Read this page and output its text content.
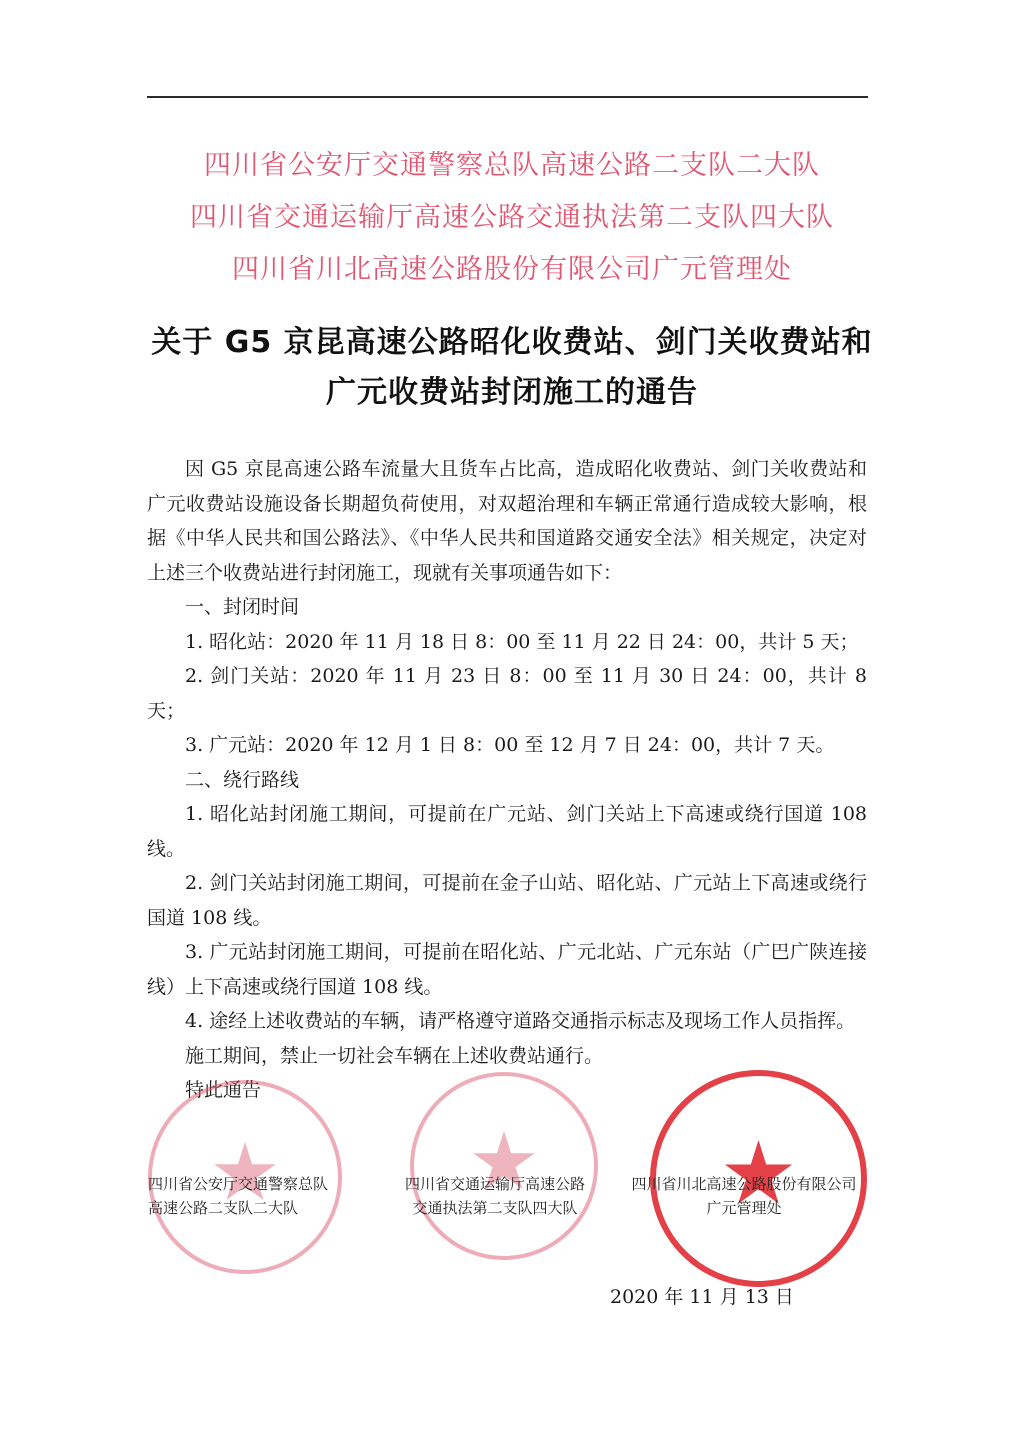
四川省公安厅交通警察总队高速公路二支队二大队
四川省交通运输厅高速公路交通执法第二支队四大队
四川省川北高速公路股份有限公司广元管理处
关于 G5 京昆高速公路昭化收费站、剑门关收费站和
广元收费站封闭施工的通告

因 G5 京昆高速公路车流量大且货车占比高，造成昭化收费站、剑门关收费站和广元收费站设施设备长期超负荷使用，对双超治理和车辆正常通行造成较大影响，根据《中华人民共和国公路法》、《中华人民共和国道路交通安全法》相关规定，决定对上述三个收费站进行封闭施工，现就有关事项通告如下：

一、封闭时间

1. 昭化站：2020 年 11 月 18 日 8：00 至 11 月 22 日 24：00，共计 5 天；

2. 剑门关站：2020 年 11 月 23 日 8：00 至 11 月 30 日 24：00，共计 8 天；

3. 广元站：2020 年 12 月 1 日 8：00 至 12 月 7 日 24：00，共计 7 天。

二、绕行路线

1. 昭化站封闭施工期间，可提前在广元站、剑门关站上下高速或绕行国道 108 线。

2. 剑门关站封闭施工期间，可提前在金子山站、昭化站、广元站上下高速或绕行国道 108 线。

3. 广元站封闭施工期间，可提前在昭化站、广元北站、广元东站（广巴广陕连接线）上下高速或绕行国道 108 线。

4. 途经上述收费站的车辆，请严格遵守道路交通指示标志及现场工作人员指挥。

施工期间，禁止一切社会车辆在上述收费站通行。

特此通告

四川省公安厅交通警察总队
高速公路二支队二大队
四川省交通运输厅高速公路
交通执法第二支队四大队
四川省川北高速公路股份有限公司
广元管理处
2020 年 11 月 13 日
